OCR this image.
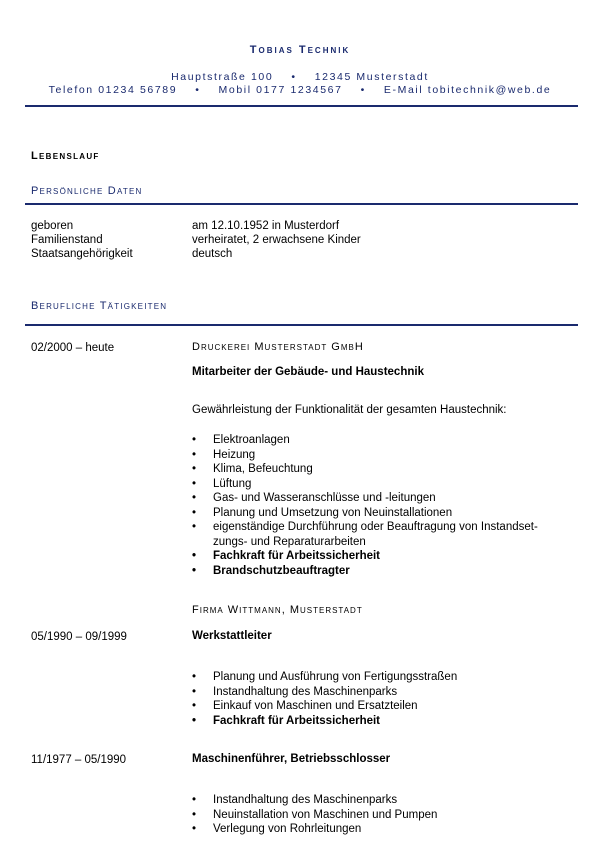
Tobias Technik
Hauptstraße 100    •    12345 Musterstadt
Telefon 01234 56789    •    Mobil 0177 1234567    •    E-Mail tobitechnik@web.de
Lebenslauf
Persönliche Daten
geboren	am 12.10.1952 in Musterdorf
Familienstand	verheiratet, 2 erwachsene Kinder
Staatsangehörigkeit	deutsch
Berufliche Tätigkeiten
02/2000 – heute	Druckerei Musterstadt GmbH
Mitarbeiter der Gebäude- und Haustechnik
Gewährleistung der Funktionalität der gesamten Haustechnik:
• Elektroanlagen
• Heizung
• Klima, Befeuchtung
• Lüftung
• Gas- und Wasseranschlüsse und -leitungen
• Planung und Umsetzung von Neuinstallationen
• eigenständige Durchführung oder Beauftragung von Instandset-zungs- und Reparaturarbeiten
• Fachkraft für Arbeitssicherheit
• Brandschutzbeauftragter
Firma Wittmann, Musterstadt
05/1990 – 09/1999	Werkstattleiter
• Planung und Ausführung von Fertigungsstraßen
• Instandhaltung des Maschinenparks
• Einkauf von Maschinen und Ersatzteilen
• Fachkraft für Arbeitssicherheit
11/1977 – 05/1990	Maschinenführer, Betriebsschlosser
• Instandhaltung des Maschinenparks
• Neuinstallation von Maschinen und Pumpen
• Verlegung von Rohrleitungen
